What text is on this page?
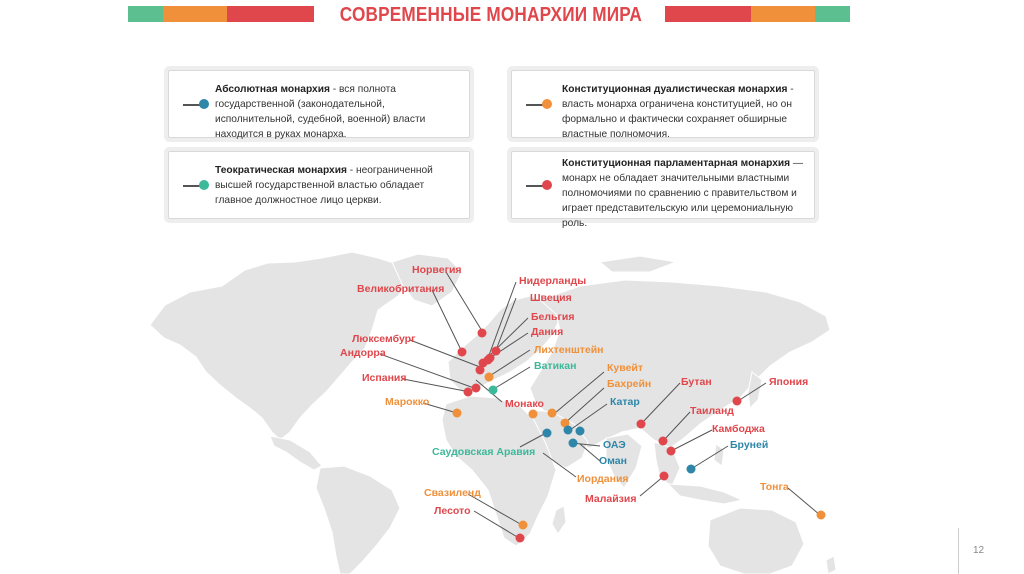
СОВРЕМЕННЫЕ МОНАРХИИ МИРА
Абсолютная монархия - вся полнота государственной (законодательной, исполнительной, судебной, военной) власти находится в руках монарха.
Конституционная дуалистическая монархия - власть монарха ограничена конституцией, но он формально и фактически сохраняет обширные властные полномочия.
Теократическая монархия - неограниченной высшей государственной властью обладает главное должностное лицо церкви.
Конституционная парламентарная монархия — монарх не обладает значительными властными полномочиями по сравнению с правительством и играет представительскую или церемониальную роль.
Норвегия
Великобритания
Нидерланды
Швеция
Бельгия
Дания
Люксембург
Андорра	Лихтенштейн
Ватикан
Испания
Марокко	Монако
Кувейт
Бахрейн
Катар
Саудовская Аравия
ОАЭ
Оман
Иордания
Бутан	Япония
Таиланд
Камбоджа
Бруней
Малайзия
Тонга
Свазиленд
Лесото
12
